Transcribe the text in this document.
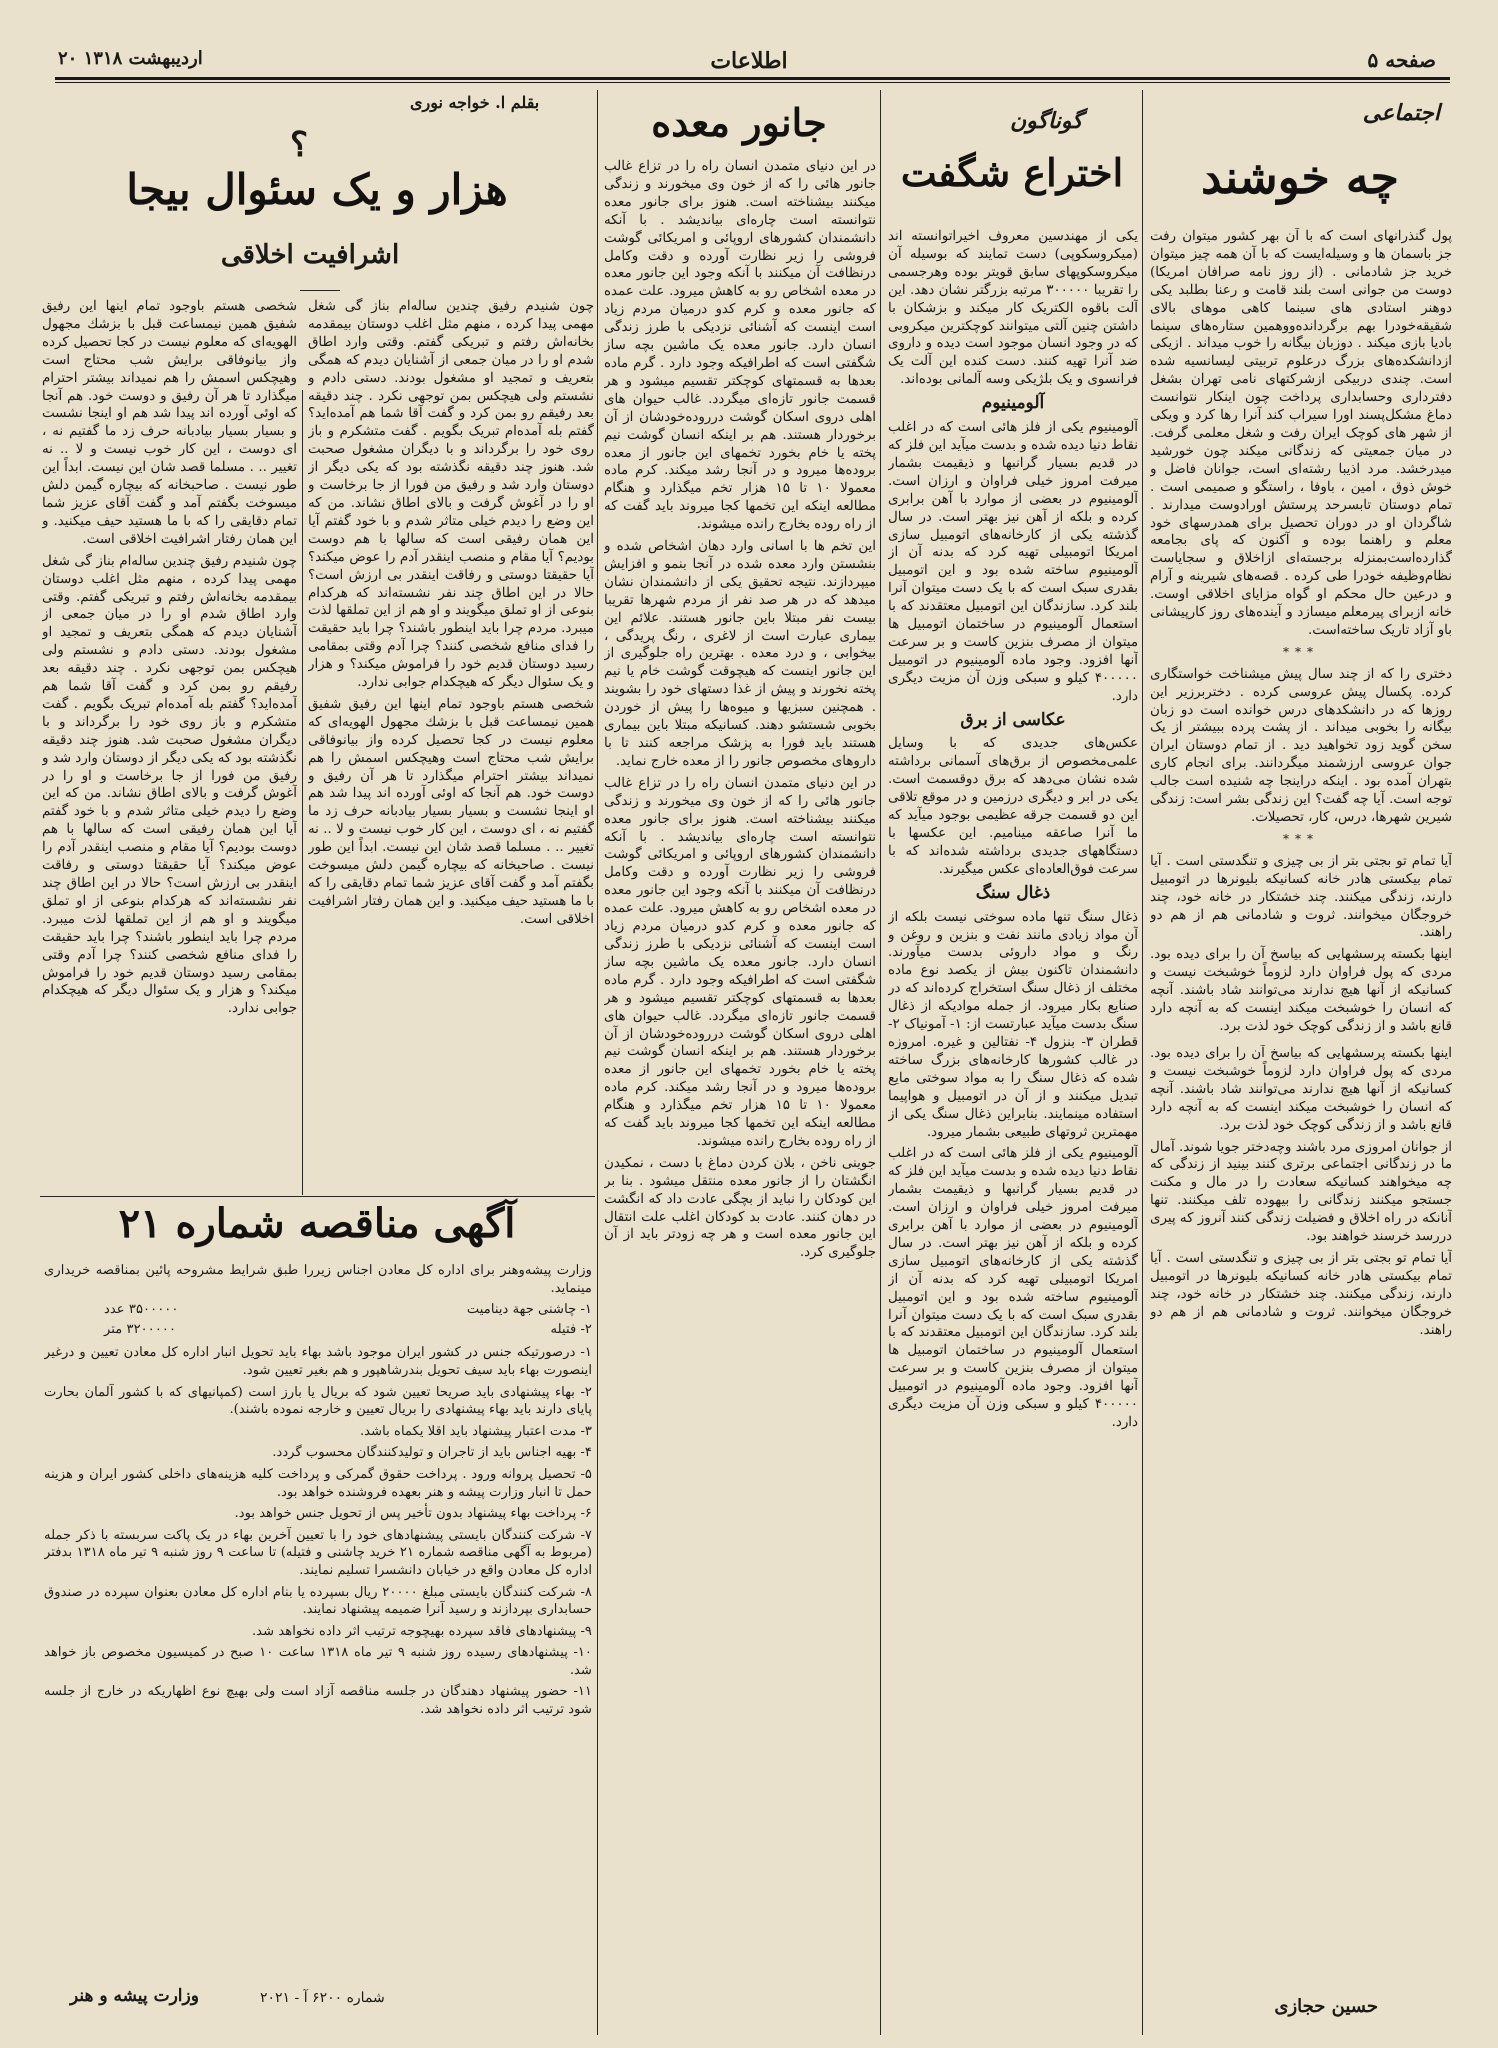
صفحه ۵
اطلاعات
۲۰ اردیبهشت ۱۳۱۸
اجتماعی
چه خوشند

پول گنذرانهای است که با آن بهر کشور میتوان رفت جز باسمان ها و وسیله‌ایست که با آن همه چیز میتوان خرید جز شادمانی . (از روز نامه صرافان امریکا) دوست من جوانی است بلند قامت و رعنا بطلبد یکی دوهنر استادی های سینما کاهی موهای بالای شقیقه‌خودرا بهم برگردانده‌ووهمین ستاره‌های سینما بادیا بازی میکند . دوزبان بیگانه را خوب میداند . ازیکی ازدانشکده‌های بزرگ درعلوم تربیتی لیسانسیه شده است. چندی دربیکی ازشرکتهای نامی تهران بشغل دفترداری وحسابداری پرداخت چون اینکار نتوانست دماغ مشکل‌پسند اورا سیراب کند آنرا رها کرد و ویکی از شهر های کوچک ایران رفت و شغل معلمی گرفت. در میان جمعیتی که زندگانی میکند چون خورشید میدرخشد. مرد اذیبا رشته‌ای است، جوانان فاضل و خوش ذوق ، امین ، باوفا ، راستگو و صمیمی است . تمام دوستان تابسرحد پرستش اورادوست میدارند . شاگردان او در دوران تحصیل برای همدرسهای خود معلم و راهنما بوده و آکنون که پای بجامعه گذارده‌است‌بمنزله برجسته‌ای ازاخلاق و سجایاست نظام‌وظیفه خودرا طی کرده . قصه‌های شیرینه و آرام و درعین حال محکم او گواه مزایای اخلاقی اوست. خانه ازبرای پیرمعلم میسازد و آینده‌های روز کارپیشانی باو آزاد تاریک ساخته‌است.

***

دختری را که از چند سال پیش میشناخت خواستگاری کرده. پکسال پیش عروسی کرده . دختربرزیر این روزها که در دانشکدهای درس خوانده است دو زبان بیگانه را بخوبی میداند . از پشت پرده‌ ببیشتر از یک سخن گوید زود تخواهید دید . از تمام دوستان ایران جوان عروسی ارزشمند میگردانند. برای انجام کاری بتهران آمده‌ بود . اینکه دراینجا چه شنیده است جالب توجه است. آیا چه گفت؟ این زندگی بشر است: زندگی شیرین شهرها، درس، کار، تحصیلات.

***

آیا تمام تو بجتی بتر از بی چیزی و تنگدستی است . آیا تمام بیکستی هادر خانه کسانیکه بلیونرها در اتومبیل دارند، زندگی میکنند. چند خشتکار در خانه خود، چند خروجگان میخوانند. ثروت و شادمانی هم از هم دو راهند.

اینها بکسته پرسشهایی که بیاسخ آن را برای دیده بود. مردی که پول فراوان دارد لزوماً خوشبخت نیست و کسانیکه از آنها هیچ ندارند می‌توانند شاد باشند. آنچه که انسان را خوشبخت میکند اینست که به آنچه دارد قانع باشد و از زندگی کوچک خود لذت برد.

اینها بکسته پرسشهایی که بیاسخ آن را برای دیده بود. مردی که پول فراوان دارد لزوماً خوشبخت نیست و کسانیکه از آنها هیچ ندارند می‌توانند شاد باشند. آنچه که انسان را خوشبخت میکند اینست که به آنچه دارد قانع باشد و از زندگی کوچک خود لذت برد.

از جوانان امروزی مرد باشند وچه‌دختر جویا شوند. آمال ما در زندگانی اجتماعی برتری کنند بینید از زندگی که چه میخواهند کسانیکه سعادت را در مال و مکنت جستجو میکنند زندگانی را بیهوده تلف میکنند. تنها آنانکه در راه اخلاق و فضیلت زندگی کنند آنروز که پیری دررسد خرسند خواهند بود.

آیا تمام تو بجتی بتر از بی چیزی و تنگدستی است . آیا تمام بیکستی هادر خانه کسانیکه بلیونرها در اتومبیل دارند، زندگی میکنند. چند خشتکار در خانه خود، چند خروجگان میخوانند. ثروت و شادمانی هم از هم دو راهند.

حسین حجازی
گوناگون
اختراع شگفت

یکی از مهندسین معروف اخیراتوانسته اند (میکروسکوپی) دست تمایند که بوسیله آن میکروسکوپهای سابق قویتر بوده وهرجسمی را تقریبا ۳۰۰۰۰۰ مرتبه بزرگتر نشان دهد. این آلت باقوه الکتریک کار میکند و بزشکان با داشتن چنین آلتی میتوانند کوچکترین میکروبی که در وجود انسان موجود است دیده و داروی ضد آنرا تهیه کنند. دست کنده این آلت یک فرانسوی و یک بلژیکی وسه آلمانی بوده‌اند.

آلومینیوم

آلومینیوم یکی از فلز هائی است که در اغلب نقاط دنیا دیده شده و بدست میآید این فلز که در قدیم بسیار گرانبها و ذیقیمت بشمار میرفت امروز خیلی فراوان و ارزان است. آلومینیوم در بعضی از موارد با آهن برابری کرده و بلکه از آهن نیز بهتر است. در سال گذشته یکی از کارخانه‌های اتومبیل سازی امریکا اتومبیلی تهیه کرد که بدنه آن از آلومینیوم ساخته شده بود و این اتومبیل بقدری سبک است که با یک دست میتوان آنرا بلند کرد. سازندگان این اتومبیل معتقدند که با استعمال آلومینیوم در ساختمان اتومبیل ها میتوان از مصرف بنزین کاست و بر سرعت آنها افزود. وجود ماده آلومینیوم در اتومبیل ۴۰۰۰۰۰ کیلو و سبکی وزن آن مزیت دیگری دارد.

عکاسی از برق

عکس‌های جدیدی که با وسایل علمی‌مخصوص از برق‌های آسمانی برداشته شده نشان می‌دهد که برق دوقسمت است. یکی در ابر و دیگری درزمین و در موقع تلاقی این دو قسمت جرقه عظیمی بوجود میآید که ما آنرا صاعقه مینامیم. این عکسها با دستگاههای جدیدی برداشته شده‌اند که با سرعت فوق‌العاده‌ای عکس میگیرند.

ذغال سنگ

ذغال سنگ تنها ماده سوختی نیست بلکه از آن مواد زیادی مانند نفت و بنزین و روغن و رنگ و مواد داروئی بدست میآورند. دانشمندان تاکنون بیش از یکصد نوع ماده مختلف از ذغال سنگ استخراج کرده‌اند که در صنایع بکار میرود. از جمله موادیکه از ذغال سنگ بدست میآید عبارتست از: ۱- آمونیاک ۲- قطران ۳- بنزول ۴- نفتالین و غیره. امروزه در غالب کشورها کارخانه‌های بزرگ ساخته شده که ذغال سنگ را به مواد سوختی مایع تبدیل میکنند و از آن در اتومبیل و هواپیما استفاده مینمایند. بنابراین ذغال سنگ یکی از مهمترین ثروتهای طبیعی بشمار میرود.

آلومینیوم یکی از فلز هائی است که در اغلب نقاط دنیا دیده شده و بدست میآید این فلز که در قدیم بسیار گرانبها و ذیقیمت بشمار میرفت امروز خیلی فراوان و ارزان است. آلومینیوم در بعضی از موارد با آهن برابری کرده و بلکه از آهن نیز بهتر است. در سال گذشته یکی از کارخانه‌های اتومبیل سازی امریکا اتومبیلی تهیه کرد که بدنه آن از آلومینیوم ساخته شده بود و این اتومبیل بقدری سبک است که با یک دست میتوان آنرا بلند کرد. سازندگان این اتومبیل معتقدند که با استعمال آلومینیوم در ساختمان اتومبیل ها میتوان از مصرف بنزین کاست و بر سرعت آنها افزود. وجود ماده آلومینیوم در اتومبیل ۴۰۰۰۰۰ کیلو و سبکی وزن آن مزیت دیگری دارد.

جانور معده

در این دنیای متمدن انسان راه را در تزاع غالب جانور هائی را که از خون وی میخورند و زندگی میکنند بیشناخته است. هنوز برای جانور معده نتوانسته است چاره‌ای بیاندیشد . با آنکه دانشمندان کشورهای اروپائی و امریکائی گوشت فروشی را زیر نظارت آورده و دقت وکامل درنظافت آن میکنند با آنکه وجود این جانور معده در معده اشخاص رو به کاهش میرود. علت عمده که جانور معده و کرم کدو درمیان مردم زیاد است اینست که آشنائی نزدیکی با طرز زندگی انسان دارد. جانور معده یک ماشین بچه ساز شگفتی است که اطرافیکه وجود دارد . گرم ماده بعدها به قسمتهای کوچکتر تقسیم میشود و هر قسمت جانور تازه‌ای میگردد. غالب حیوان های اهلی دروی اسکان گوشت درروده‌خودشان از آن برخوردار هستند. هم بر اینکه انسان گوشت نیم پخته یا خام بخورد تخمهای این جانور از معده بروده‌ها میرود و در آنجا رشد میکند. کرم ماده معمولا ۱۰ تا ۱۵ هزار تخم میگذارد و هنگام مطالعه اینکه این تخمها کجا میروند باید گفت که از راه روده بخارج رانده میشوند.

این تخم ها با اسانی وارد دهان اشخاص شده و بنشستن وارد معده شده در آنجا بنمو و افزایش میپردازند. نتیجه تحقیق یکی از دانشمندان نشان میدهد که در هر صد نفر از مردم شهرها تقریبا بیست نفر مبتلا باین جانور هستند. علائم این بیماری عبارت است از لاغری ، رنگ پریدگی ، بیخوابی ، و درد معده . بهترین راه جلوگیری از این جانور اینست که هیچوقت گوشت خام یا نیم پخته نخورند و پیش از غذا دستهای خود را بشویند . همچنین سبزیها و میوه‌ها را پیش از خوردن بخوبی شستشو دهند. کسانیکه مبتلا باین بیماری هستند باید فورا به پزشک مراجعه کنند تا با داروهای مخصوص جانور را از معده خارج نماید.

در این دنیای متمدن انسان راه را در تزاع غالب جانور هائی را که از خون وی میخورند و زندگی میکنند بیشناخته است. هنوز برای جانور معده نتوانسته است چاره‌ای بیاندیشد . با آنکه دانشمندان کشورهای اروپائی و امریکائی گوشت فروشی را زیر نظارت آورده و دقت وکامل درنظافت آن میکنند با آنکه وجود این جانور معده در معده اشخاص رو به کاهش میرود. علت عمده که جانور معده و کرم کدو درمیان مردم زیاد است اینست که آشنائی نزدیکی با طرز زندگی انسان دارد. جانور معده یک ماشین بچه ساز شگفتی است که اطرافیکه وجود دارد . گرم ماده بعدها به قسمتهای کوچکتر تقسیم میشود و هر قسمت جانور تازه‌ای میگردد. غالب حیوان های اهلی دروی اسکان گوشت درروده‌خودشان از آن برخوردار هستند. هم بر اینکه انسان گوشت نیم پخته یا خام بخورد تخمهای این جانور از معده بروده‌ها میرود و در آنجا رشد میکند. کرم ماده معمولا ۱۰ تا ۱۵ هزار تخم میگذارد و هنگام مطالعه اینکه این تخمها کجا میروند باید گفت که از راه روده بخارج رانده میشوند.

جوینی ناخن ، بلان کردن دماغ با دست ، نمکیدن انگشتان را از جانور معده منتقل میشود . بنا بر این کودکان را نباید از بچگی عادت داد که انگشت در دهان کنند. عادت بد کودکان اغلب علت انتقال این جانور معده است و هر چه زودتر باید از آن جلوگیری کرد.

بقلم ا. خواجه نوری
؟
هزار و یک سئوال بیجا
اشرافیت اخلاقی

چون شنیدم رفیق چندین ساله‌ام بناز گی شغل مهمی پیدا کرده ، منهم مثل اغلب دوستان بیمقدمه بخانه‌اش رفتم و تبریکی گفتم. وقتی وارد اطاق شدم او را در میان جمعی از آشنایان دیدم که همگی بتعریف و تمجید او مشغول بودند. دستی دادم و نشستم ولی هیچکس بمن توجهی نکرد . چند دقیقه بعد رفیقم رو بمن کرد و گفت آقا شما هم آمده‌اید؟ گفتم بله آمده‌ام تبریک بگویم . گفت متشکرم و باز روی خود را برگرداند و با دیگران مشغول صحبت شد. هنوز چند دقیقه نگذشته بود که یکی دیگر از دوستان وارد شد و رفیق من فورا از جا برخاست و او را در آغوش گرفت و بالای اطاق نشاند. من که این وضع را دیدم خیلی متاثر شدم و با خود گفتم آیا این همان رفیقی است که سالها با هم دوست بودیم؟ آیا مقام و منصب اینقدر آدم را عوض میکند؟ آیا حقیقتا دوستی و رفاقت اینقدر بی ارزش است؟ حالا در این اطاق چند نفر نشسته‌اند که هرکدام بنوعی از او تملق میگویند و او هم از این تملقها لذت میبرد. مردم چرا باید اینطور باشند؟ چرا باید حقیقت را فدای منافع شخصی کنند؟ چرا آدم وقتی بمقامی رسید دوستان قدیم خود را فراموش میکند؟ و هزار و یک سئوال دیگر که هیچکدام جوابی ندارد.

شخصی هستم باوجود تمام اینها این رفیق شفیق همین نیمساعت قبل با بزشك مجهول الهویه‌ای که معلوم نیست در کجا تحصیل کرده واز بیانوفاقی برایش شب محتاج است وهیچکس اسمش را هم نمیداند بیشتر احترام میگذارد تا هر آن رفیق و دوست خود. هم آنجا که اوئی آورده اند پیدا شد هم او اینجا نشست و بسیار بسیار بیادبانه حرف زد ما گفتیم نه ، ای دوست ، این کار خوب نیست و لا .. نه تغییر .. . مسلما قصد شان این نیست. ابداً این طور نیست . صاحبخانه که بیچاره گیمن دلش میسوخت بگفتم آمد و گفت آقای عزیز شما تمام دقایقی را که با ما هستید حیف میکنید. و این همان رفتار اشرافیت اخلاقی است.

شخصی هستم باوجود تمام اینها این رفیق شفیق همین نیمساعت قبل با بزشك مجهول الهویه‌ای که معلوم نیست در کجا تحصیل کرده واز بیانوفاقی برایش شب محتاج است وهیچکس اسمش را هم نمیداند بیشتر احترام میگذارد تا هر آن رفیق و دوست خود. هم آنجا که اوئی آورده اند پیدا شد هم او اینجا نشست و بسیار بسیار بیادبانه حرف زد ما گفتیم نه ، ای دوست ، این کار خوب نیست و لا .. نه تغییر .. . مسلما قصد شان این نیست. ابداً این طور نیست . صاحبخانه که بیچاره گیمن دلش میسوخت بگفتم آمد و گفت آقای عزیز شما تمام دقایقی را که با ما هستید حیف میکنید. و این همان رفتار اشرافیت اخلاقی است.

چون شنیدم رفیق چندین ساله‌ام بناز گی شغل مهمی پیدا کرده ، منهم مثل اغلب دوستان بیمقدمه بخانه‌اش رفتم و تبریکی گفتم. وقتی وارد اطاق شدم او را در میان جمعی از آشنایان دیدم که همگی بتعریف و تمجید او مشغول بودند. دستی دادم و نشستم ولی هیچکس بمن توجهی نکرد . چند دقیقه بعد رفیقم رو بمن کرد و گفت آقا شما هم آمده‌اید؟ گفتم بله آمده‌ام تبریک بگویم . گفت متشکرم و باز روی خود را برگرداند و با دیگران مشغول صحبت شد. هنوز چند دقیقه نگذشته بود که یکی دیگر از دوستان وارد شد و رفیق من فورا از جا برخاست و او را در آغوش گرفت و بالای اطاق نشاند. من که این وضع را دیدم خیلی متاثر شدم و با خود گفتم آیا این همان رفیقی است که سالها با هم دوست بودیم؟ آیا مقام و منصب اینقدر آدم را عوض میکند؟ آیا حقیقتا دوستی و رفاقت اینقدر بی ارزش است؟ حالا در این اطاق چند نفر نشسته‌اند که هرکدام بنوعی از او تملق میگویند و او هم از این تملقها لذت میبرد. مردم چرا باید اینطور باشند؟ چرا باید حقیقت را فدای منافع شخصی کنند؟ چرا آدم وقتی بمقامی رسید دوستان قدیم خود را فراموش میکند؟ و هزار و یک سئوال دیگر که هیچکدام جوابی ندارد.

آگهی مناقصه شماره ۲۱

وزارت پیشه‌وهنر برای اداره کل معادن اجناس زیررا طبق شرایط مشروحه پائین بمناقصه خریداری مینماید.

۱- چاشنی جهة دینامیت
۳۵۰۰۰۰۰ عدد
۲- فتیله
۳۲۰۰۰۰۰ متر

۱- درصورتیکه جنس در کشور ایران موجود باشد بهاء باید تحویل انبار اداره کل معادن تعیین و درغیر اینصورت بهاء باید سیف تحویل بندرشاهپور و هم بغیر تعیین شود.

۲- بهاء پیشنهادی باید صریحا تعیین شود که بریال یا بارز است (کمپانیهای که با کشور آلمان بحارت پایای دارند باید بهاء پیشنهادی را بریال تعیین و خارجه نموده باشند).

۳- مدت اعتبار پیشنهاد باید اقلا یکماه باشد.

۴- بهیه اجناس باید از تاجران و تولیدکنندگان محسوب گردد.

۵- تحصیل پروانه ورود . پرداخت حقوق گمرکی و پرداخت کلیه هزینه‌های داخلی کشور ایران و هزینه حمل تا انبار وزارت پیشه و هنر بعهده فروشنده خواهد بود.

۶- پرداخت بهاء پیشنهاد بدون تأخیر پس از تحویل جنس خواهد بود.

۷- شرکت کنندگان بایستی پیشنهادهای خود را با تعیین آخرین بهاء در یک پاکت سربسته با ذکر جمله (مربوط به آگهی مناقصه شماره ۲۱ خرید چاشنی و فتیله) تا ساعت ۹ روز شنبه ۹ تیر ماه ۱۳۱۸ بدفتر اداره کل معادن واقع در خیابان دانشسرا تسلیم نمایند.

۸- شرکت کنندگان بایستی مبلغ ۲۰۰۰۰ ریال بسپرده یا بنام اداره کل معادن بعنوان سپرده در صندوق حسابداری بپردازند و رسید آنرا ضمیمه پیشنهاد نمایند.

۹- پیشنهادهای فاقد سپرده بهیچوجه ترتیب اثر داده نخواهد شد.

۱۰- پیشنهادهای رسیده روز شنبه ۹ تیر ماه ۱۳۱۸ ساعت ۱۰ صبح در کمیسیون مخصوص باز خواهد شد.

۱۱- حضور پیشنهاد دهندگان در جلسه مناقصه آزاد است ولی بهیچ نوع اظهاریکه در خارج از جلسه شود ترتیب اثر داده نخواهد شد.

شماره ۶۲۰۰ آ - ۲۰۲۱
وزارت پیشه و هنر
